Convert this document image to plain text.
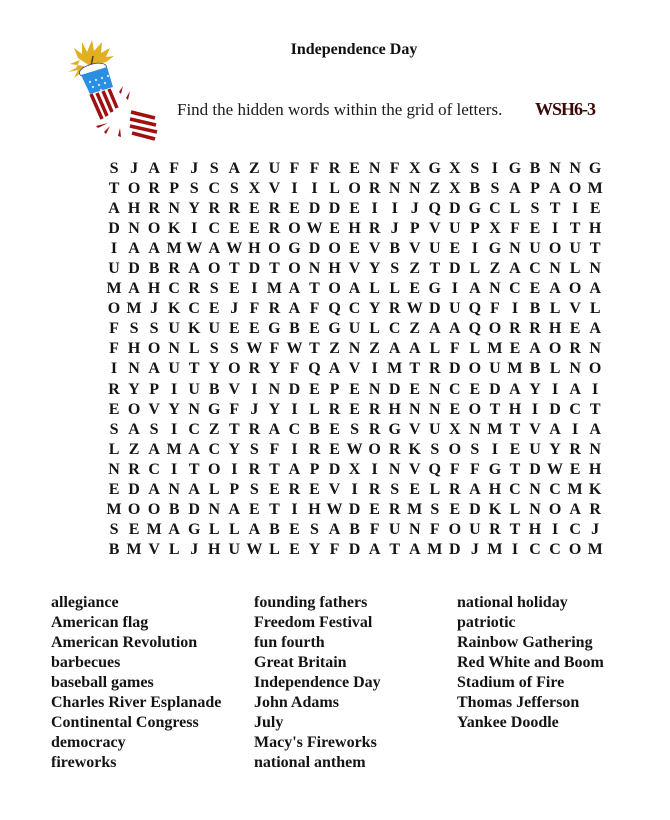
Independence Day
Find the hidden words within the grid of letters. WSH6-3
S J A F J S A Z U F F R E N F X G X S I G B N N G
T O R P S C S X V I I L O R N N Z X B S A P A O M
A H R N Y R R E R E D D E I I J Q D G C L S T I E
D N O K I C E E R O W E H R J P V U P X F E I T H
I A A M W A W H O G D O E V B V U E I G N U O U T
U D B R A O T D T O N H V Y S Z T D L Z A C N L N
M A H C R S E I M A T O A L L E G I A N C E A O A
O M J K C E J F R A F Q C Y R W D U Q F I B L V L
F S S U K U E E G B E G U L C Z A A Q O R R H E A
F H O N L S S W F W T Z N Z A A L F L M E A O R N
I N A U T Y O R Y F Q A V I M T R D O U M B L N O
R Y P I U B V I N D E P E N D E N C E D A Y I A I
E O V Y N G F J Y I L R E R H N N E O T H I D C T
S A S I C Z T R A C B E S R G V U X N M T V A I A
L Z A M A C Y S F I R E W O R K S O S I E U Y R N
N R C I T O I R T A P D X I N V Q F F G T D W E H
E D A N A L P S E R E V I R S E L R A H C N C M K
M O O B D N A E T I H W D E R M S E D K L N O A R
S E M A G L L A B E S A B F U N F O U R T H I C J
B M V L J H U W L E Y F D A T A M D J M I C C O M
allegiance
American flag
American Revolution
barbecues
baseball games
Charles River Esplanade
Continental Congress
democracy
fireworks
founding fathers
Freedom Festival
fun fourth
Great Britain
Independence Day
John Adams
July
Macy's Fireworks
national anthem
national holiday
patriotic
Rainbow Gathering
Red White and Boom
Stadium of Fire
Thomas Jefferson
Yankee Doodle
